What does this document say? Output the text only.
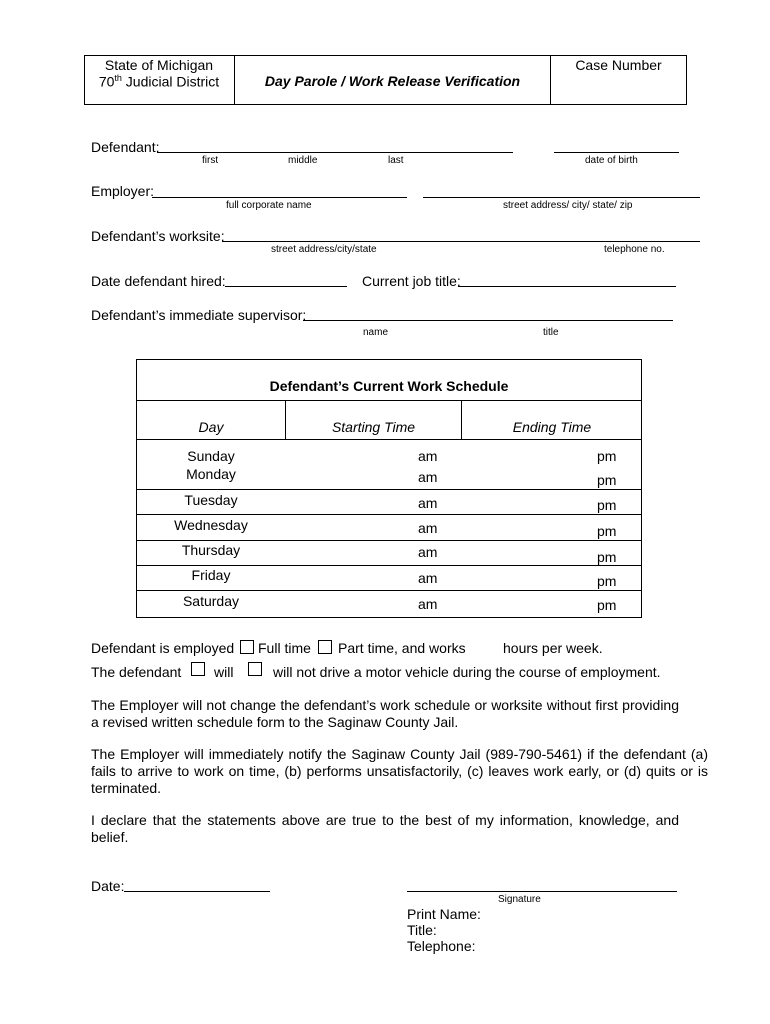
State of Michigan
70th Judicial District	Day Parole / Work Release Verification
Case Number
Defendant:
first	middle	last	date of birth
Employer:
full corporate name	street address/ city/ state/ zip
Defendant’s worksite:
street address/city/state	telephone no.
Date defendant hired:	Current job title:
Defendant’s immediate supervisor:
name	title
Defendant’s Current Work Schedule
Day	Starting Time	Ending Time
Sunday	am	pm
Monday	am	pm
Tuesday	am	pm
Wednesday	am	pm
Thursday	am	pm
Friday	am	pm
Saturday	am	pm
Defendant is employed Full time Part time, and works	hours per week.
The defendant will	will not drive a motor vehicle during the course of employment.
The Employer will not change the defendant’s work schedule or worksite without first providing a revised written schedule form to the Saginaw County Jail.
The Employer will immediately notify the Saginaw County Jail (989-790-5461) if the defendant (a) fails to arrive to work on time, (b) performs unsatisfactorily, (c) leaves work early, or (d) quits or is terminated.
I declare that the statements above are true to the best of my information, knowledge, and belief.
Date:
Signature
Print Name:
Title:
Telephone:
